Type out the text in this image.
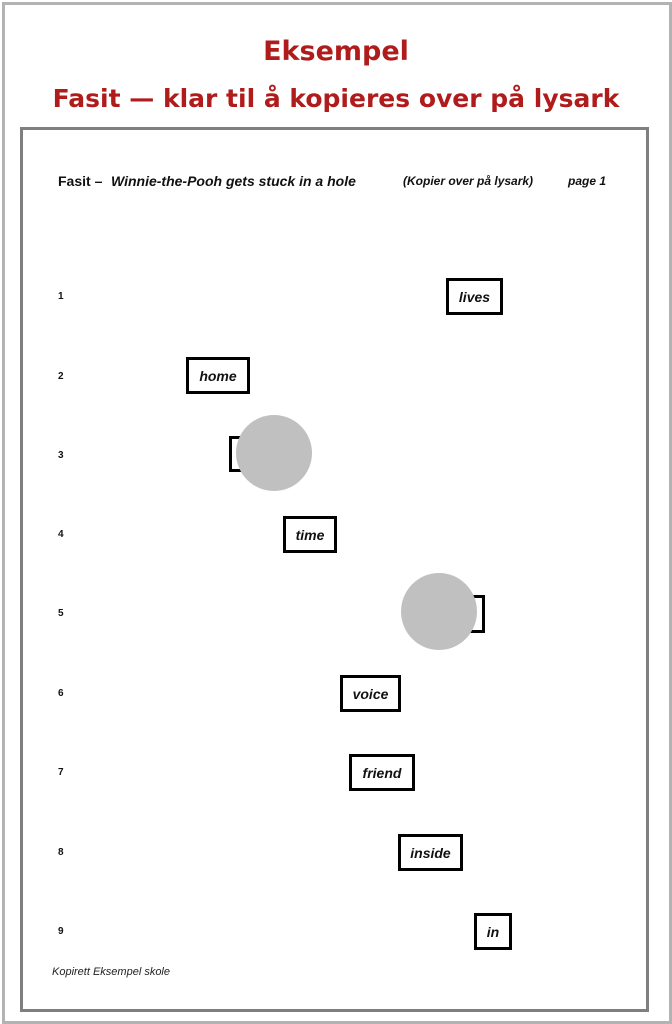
Eksempel
Fasit — klar til å kopieres over på lysark
Fasit – Winnie-the-Pooh gets stuck in a hole	(Kopier over på lysark)	page 1
1	lives
2	home
3
4	time
5
6	voice
7	friend
8	inside
9	in
Kopirett Eksempel skole
